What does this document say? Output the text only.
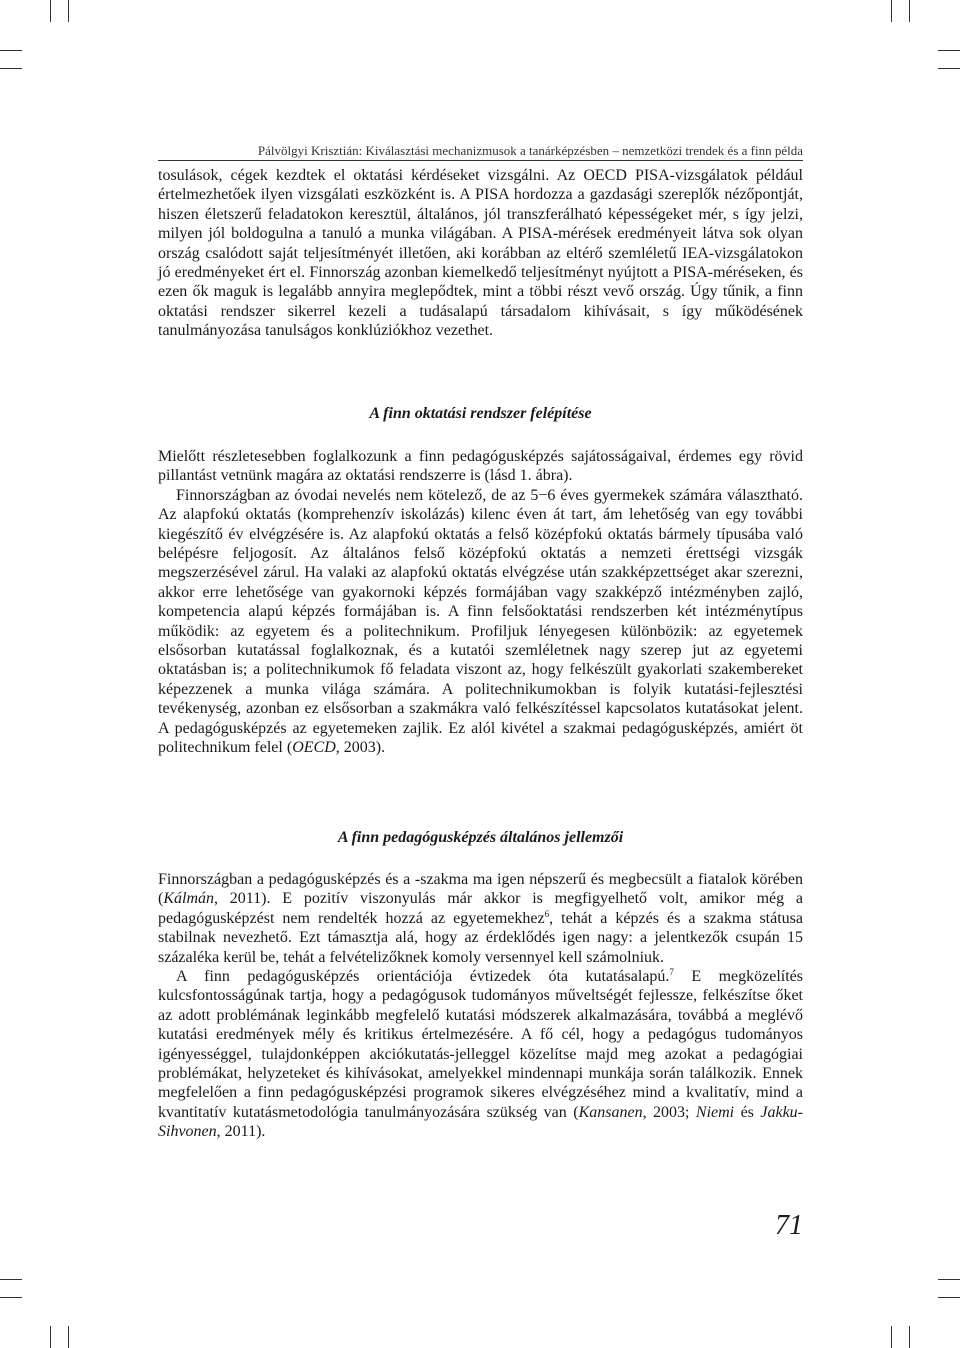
Pálvölgyi Krisztián: Kiválasztási mechanizmusok a tanárképzésben – nemzetközi trendek és a finn példa

tosulások, cégek kezdtek el oktatási kérdéseket vizsgálni. Az OECD PISA-vizsgálatok például értelmezhetőek ilyen vizsgálati eszközként is. A PISA hordozza a gazdasági szereplők nézőpontját, hiszen életszerű feladatokon keresztül, általános, jól transzferálható képességeket mér, s így jelzi, milyen jól boldogulna a tanuló a munka világában. A PISA-mérések eredményeit látva sok olyan ország csalódott saját teljesítményét illetően, aki korábban az eltérő szemléletű IEA-vizsgálatokon jó eredményeket ért el. Finnország azonban kiemelkedő teljesítményt nyújtott a PISA-méréseken, és ezen ők maguk is legalább annyira meglepődtek, mint a többi részt vevő ország. Úgy tűnik, a finn oktatási rendszer sikerrel kezeli a tudásalapú társadalom kihívásait, s így működésének tanulmányozása tanulságos konklúziókhoz vezethet.

A finn oktatási rendszer felépítése

Mielőtt részletesebben foglalkozunk a finn pedagógusképzés sajátosságaival, érdemes egy rövid pillantást vetnünk magára az oktatási rendszerre is (lásd 1. ábra).

Finnországban az óvodai nevelés nem kötelező, de az 5−6 éves gyermekek számára választható. Az alapfokú oktatás (komprehenzív iskolázás) kilenc éven át tart, ám lehetőség van egy további kiegészítő év elvégzésére is. Az alapfokú oktatás a felső középfokú oktatás bármely típusába való belépésre feljogosít. Az általános felső középfokú oktatás a nemzeti érettségi vizsgák megszerzésével zárul. Ha valaki az alapfokú oktatás elvégzése után szakképzettséget akar szerezni, akkor erre lehetősége van gyakornoki képzés formájában vagy szakképző intézményben zajló, kompetencia alapú képzés formájában is. A finn felsőoktatási rendszerben két intézménytípus működik: az egyetem és a politechnikum. Profiljuk lényegesen különbözik: az egyetemek elsősorban kutatással foglalkoznak, és a kutatói szemléletnek nagy szerep jut az egyetemi oktatásban is; a politechnikumok fő feladata viszont az, hogy felkészült gyakorlati szakembereket képezzenek a munka világa számára. A politechnikumokban is folyik kutatási-fejlesztési tevékenység, azonban ez elsősorban a szakmákra való felkészítéssel kapcsolatos kutatásokat jelent. A pedagógusképzés az egyetemeken zajlik. Ez alól kivétel a szakmai pedagógusképzés, amiért öt politechnikum felel (OECD, 2003).

A finn pedagógusképzés általános jellemzői

Finnországban a pedagógusképzés és a -szakma ma igen népszerű és megbecsült a fiatalok körében (Kálmán, 2011). E pozitív viszonyulás már akkor is megfigyelhető volt, amikor még a pedagógusképzést nem rendelték hozzá az egyetemekhez$^6$, tehát a képzés és a szakma státusa stabilnak nevezhető. Ezt támasztja alá, hogy az érdeklődés igen nagy: a jelentkezők csupán 15 százaléka kerül be, tehát a felvételizőknek komoly versennyel kell számolniuk.

A finn pedagógusképzés orientációja évtizedek óta kutatásalapú.$^7$ E megközelítés kulcsfontosságúnak tartja, hogy a pedagógusok tudományos műveltségét fejlessze, felkészítse őket az adott problémának leginkább megfelelő kutatási módszerek alkalmazására, továbbá a meglévő kutatási eredmények mély és kritikus értelmezésére. A fő cél, hogy a pedagógus tudományos igényességgel, tulajdonképpen akciókutatás-jelleggel közelítse majd meg azokat a pedagógiai problémákat, helyzeteket és kihívásokat, amelyekkel mindennapi munkája során találkozik. Ennek megfelelően a finn pedagógusképzési programok sikeres elvégzéséhez mind a kvalitatív, mind a kvantitatív kutatásmetodológia tanulmányozására szükség van (Kansanen, 2003; Niemi és Jakku-Sihvonen, 2011).

71
